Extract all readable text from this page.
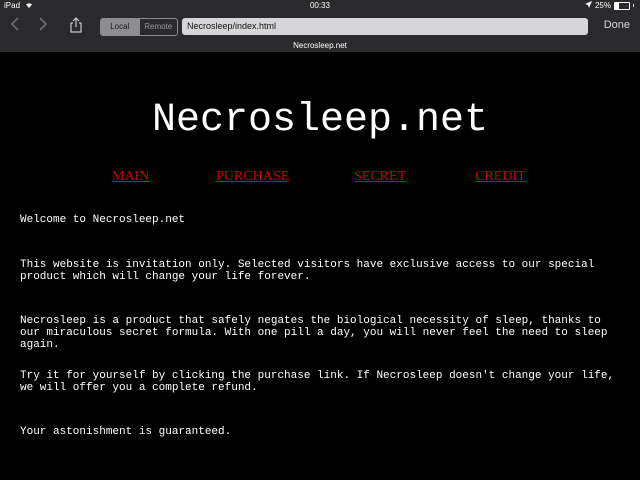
iPad	00:33	25%
Local	Remote	Necrosleep/index.html	Done
Necrosleep.net
Necrosleep.net
MAIN	PURCHASE	SECRET	CREDIT
Welcome to Necrosleep.net
This website is invitation only. Selected visitors have exclusive access to our special product which will change your life forever.
Necrosleep is a product that safely negates the biological necessity of sleep, thanks to our miraculous secret formula. With one pill a day, you will never feel the need to sleep again.
Try it for yourself by clicking the purchase link. If Necrosleep doesn't change your life, we will offer you a complete refund.
Your astonishment is guaranteed.
